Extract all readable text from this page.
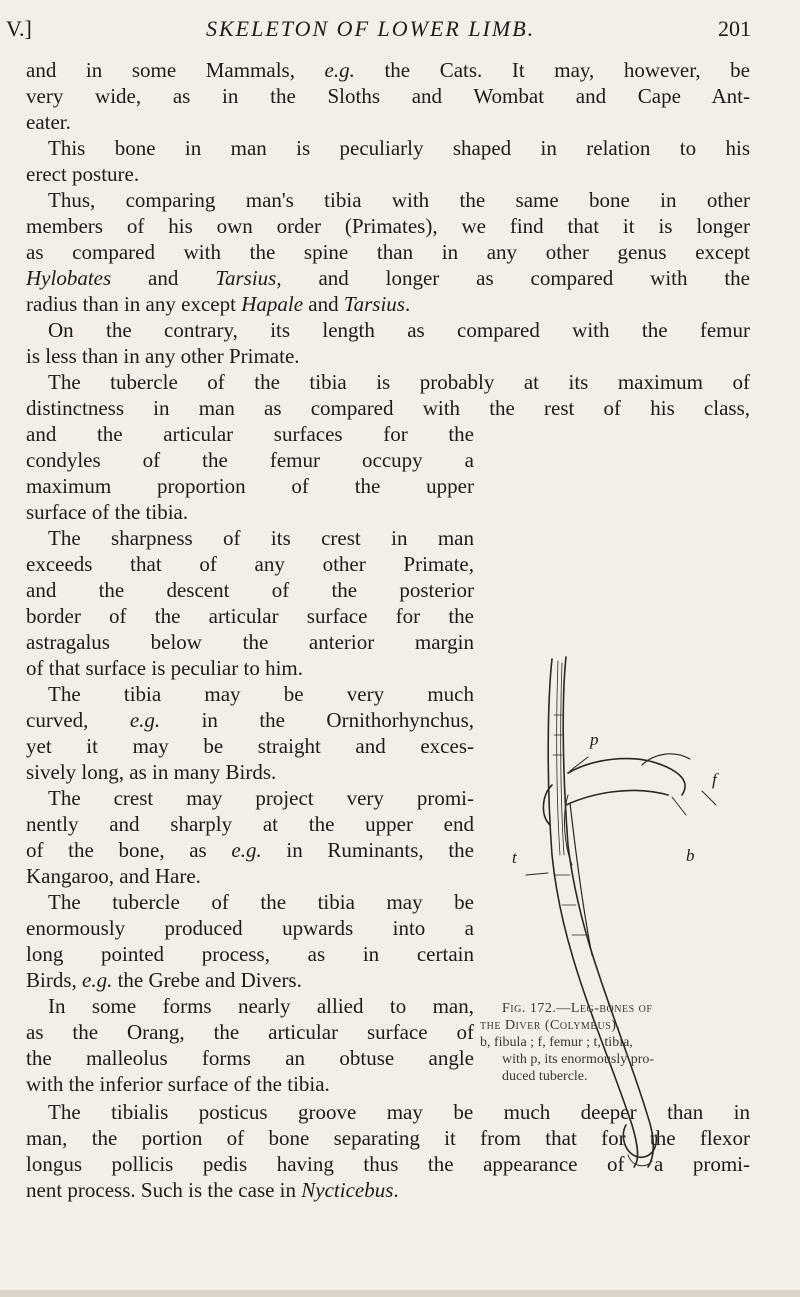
V.]	SKELETON OF LOWER LIMB.	201
and in some Mammals, e.g. the Cats. It may, however, be
very wide, as in the Sloths and Wombat and Cape Ant-
eater.
This bone in man is peculiarly shaped in relation to his
erect posture.
Thus, comparing man's tibia with the same bone in other
members of his own order (Primates), we find that it is longer
as compared with the spine than in any other genus except
Hylobates and Tarsius, and longer as compared with the
radius than in any except Hapale and Tarsius.
On the contrary, its length as compared with the femur
is less than in any other Primate.
The tubercle of the tibia is probably at its maximum of
distinctness in man as compared with the rest of his class,
and the articular surfaces for the
condyles of the femur occupy a
maximum proportion of the upper
surface of the tibia.
The sharpness of its crest in man
exceeds that of any other Primate,
and the descent of the posterior
border of the articular surface for the
astragalus below the anterior margin
of that surface is peculiar to him.
The tibia may be very much
curved, e.g. in the Ornithorhynchus,
yet it may be straight and exces-
sively long, as in many Birds.
The crest may project very promi-
nently and sharply at the upper end
of the bone, as e.g. in Ruminants, the
Kangaroo, and Hare.
The tubercle of the tibia may be
enormously produced upwards into a
long pointed process, as in certain
Birds, e.g. the Grebe and Divers.
In some forms nearly allied to man,
as the Orang, the articular surface of
the malleolus forms an obtuse angle
with the inferior surface of the tibia.
The tibialis posticus groove may be much deeper than in
man, the portion of bone separating it from that for the flexor
longus pollicis pedis having thus the appearance of a promi-
nent process. Such is the case in Nycticebus.
p
f
t	b
Fig. 172.—Leg-bones of
the Diver (Colymbus).
b, fibula ; f, femur ; t, tibia,
with p, its enormously pro-
duced tubercle.
